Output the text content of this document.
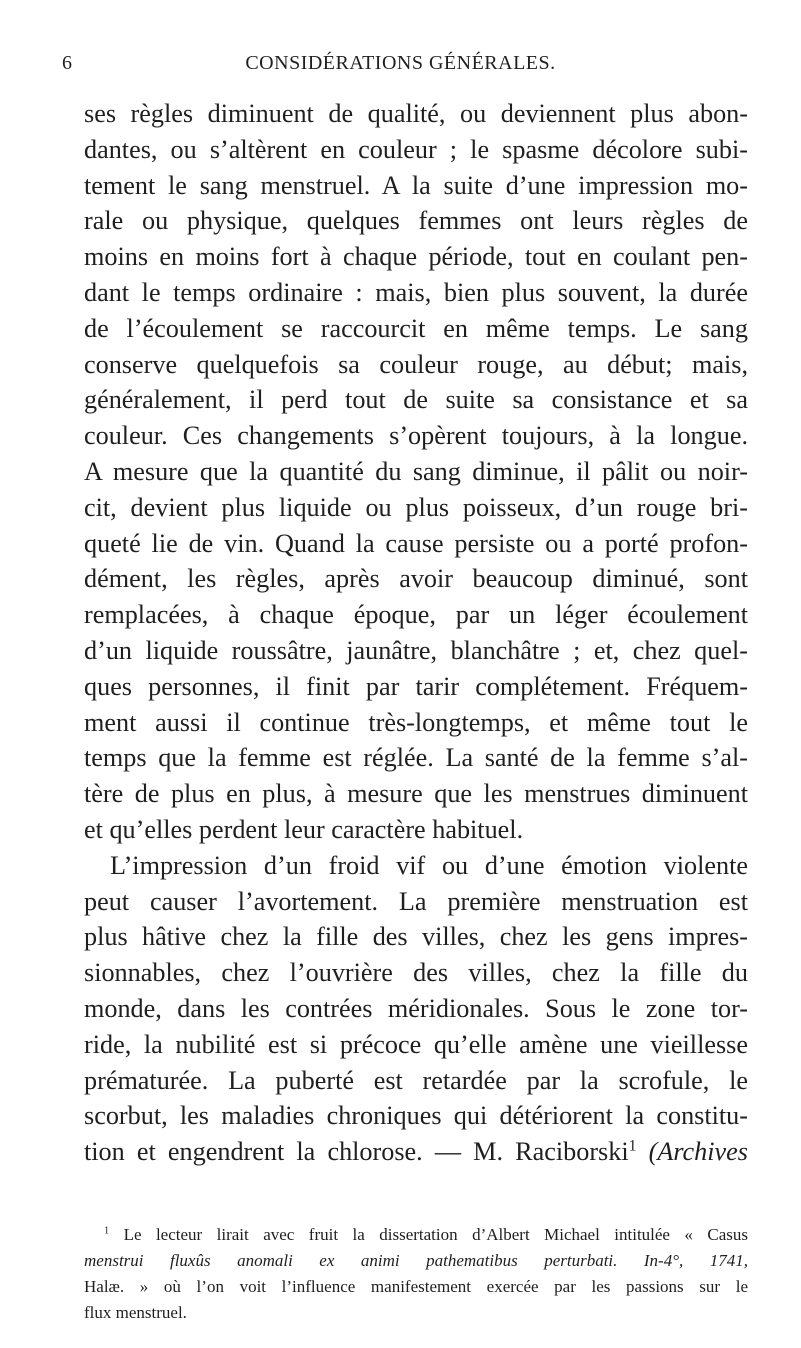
6	CONSIDÉRATIONS GÉNÉRALES.
ses règles diminuent de qualité, ou deviennent plus abon-
dantes, ou s’altèrent en couleur ; le spasme décolore subi-
tement le sang menstruel. A la suite d’une impression mo-
rale ou physique, quelques femmes ont leurs règles de
moins en moins fort à chaque période, tout en coulant pen-
dant le temps ordinaire : mais, bien plus souvent, la durée
de l’écoulement se raccourcit en même temps. Le sang
conserve quelquefois sa couleur rouge, au début; mais,
généralement, il perd tout de suite sa consistance et sa
couleur. Ces changements s’opèrent toujours, à la longue.
A mesure que la quantité du sang diminue, il pâlit ou noir-
cit, devient plus liquide ou plus poisseux, d’un rouge bri-
queté lie de vin. Quand la cause persiste ou a porté profon-
dément, les règles, après avoir beaucoup diminué, sont
remplacées, à chaque époque, par un léger écoulement
d’un liquide roussâtre, jaunâtre, blanchâtre ; et, chez quel-
ques personnes, il finit par tarir complétement. Fréquem-
ment aussi il continue très-longtemps, et même tout le
temps que la femme est réglée. La santé de la femme s’al-
tère de plus en plus, à mesure que les menstrues diminuent
et qu’elles perdent leur caractère habituel.
L’impression d’un froid vif ou d’une émotion violente
peut causer l’avortement. La première menstruation est
plus hâtive chez la fille des villes, chez les gens impres-
sionnables, chez l’ouvrière des villes, chez la fille du
monde, dans les contrées méridionales. Sous le zone tor-
ride, la nubilité est si précoce qu’elle amène une vieillesse
prématurée. La puberté est retardée par la scrofule, le
scorbut, les maladies chroniques qui détériorent la constitu-
tion et engendrent la chlorose. — M. Raciborski$^1$ (Archives
$^1$ Le lecteur lirait avec fruit la dissertation d’Albert Michael intitulée « Casus
menstrui fluxûs anomali ex animi pathematibus perturbati. In-4°, 1741,
Halæ. » où l’on voit l’influence manifestement exercée par les passions sur le
flux menstruel.
